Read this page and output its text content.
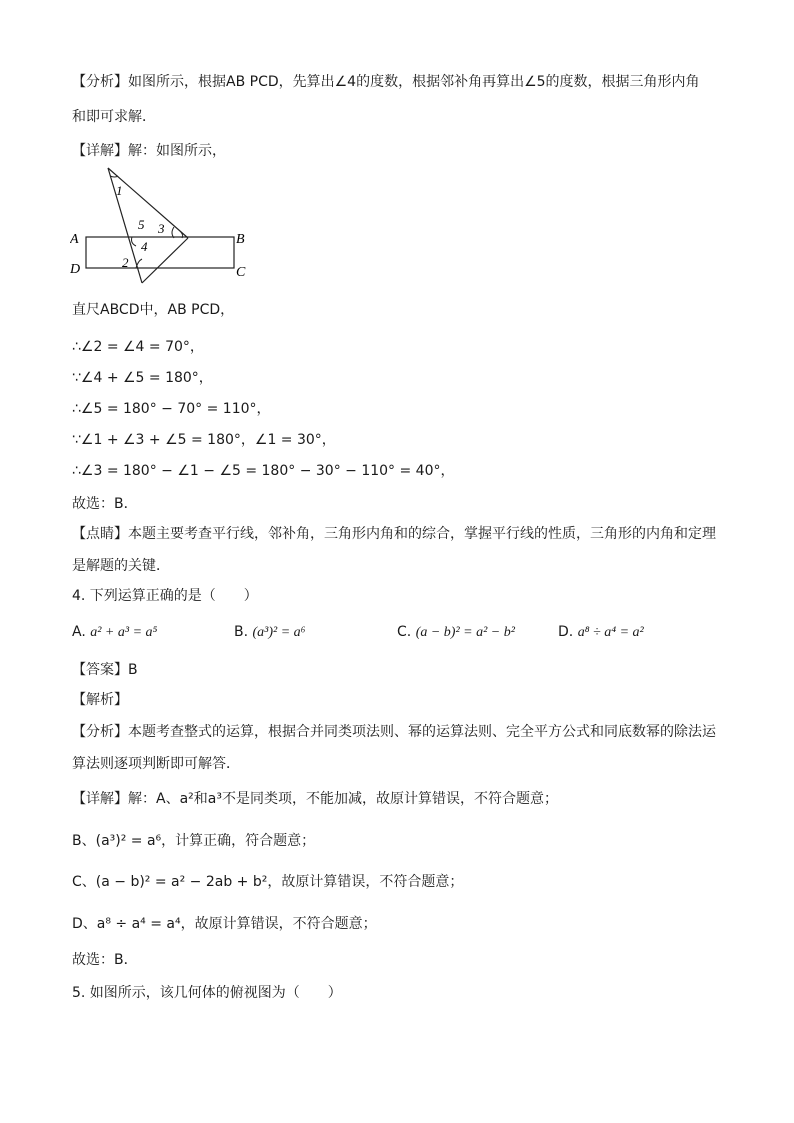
【分析】如图所示，根据AB PCD，先算出∠4的度数，根据邻补角再算出∠5的度数，根据三角形内角
和即可求解．
【详解】解：如图所示，
A	B
C
D
1
2
3
4
5
直尺ABCD中，AB PCD，
∴∠2 = ∠4 = 70°，
∵∠4 + ∠5 = 180°，
∴∠5 = 180° − 70° = 110°，
∵∠1 + ∠3 + ∠5 = 180°，∠1 = 30°，
∴∠3 = 180° − ∠1 − ∠5 = 180° − 30° − 110° = 40°，
故选：B．
【点睛】本题主要考查平行线，邻补角，三角形内角和的综合，掌握平行线的性质，三角形的内角和定理
是解题的关键．
4. 下列运算正确的是（　　）
A. a² + a³ = a⁵	B. (a³)² = a⁶	C. (a − b)² = a² − b²	D. a⁸ ÷ a⁴ = a²
【答案】B
【解析】
【分析】本题考查整式的运算，根据合并同类项法则、幂的运算法则、完全平方公式和同底数幂的除法运
算法则逐项判断即可解答．
【详解】解：A、a²和a³不是同类项，不能加减，故原计算错误，不符合题意；
B、(a³)² = a⁶，计算正确，符合题意；
C、(a − b)² = a² − 2ab + b²，故原计算错误，不符合题意；
D、a⁸ ÷ a⁴ = a⁴，故原计算错误，不符合题意；
故选：B．
5. 如图所示，该几何体的俯视图为（　　）
